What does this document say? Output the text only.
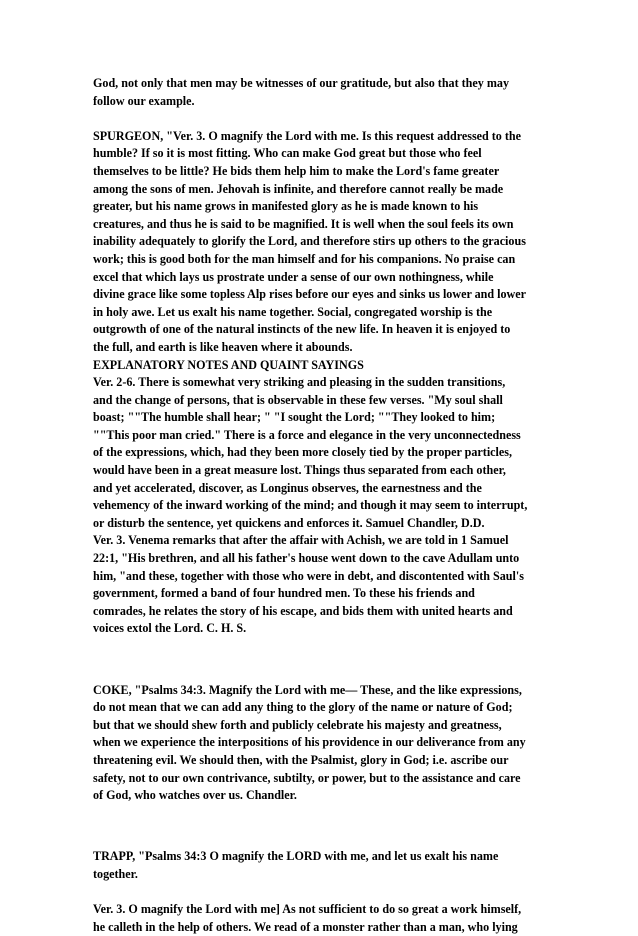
God, not only that men may be witnesses of our gratitude, but also that they may
follow our example.

SPURGEON, "Ver. 3. O magnify the Lord with me. Is this request addressed to the
humble? If so it is most fitting. Who can make God great but those who feel
themselves to be little? He bids them help him to make the Lord's fame greater
among the sons of men. Jehovah is infinite, and therefore cannot really be made
greater, but his name grows in manifested glory as he is made known to his
creatures, and thus he is said to be magnified. It is well when the soul feels its own
inability adequately to glorify the Lord, and therefore stirs up others to the gracious
work; this is good both for the man himself and for his companions. No praise can
excel that which lays us prostrate under a sense of our own nothingness, while
divine grace like some topless Alp rises before our eyes and sinks us lower and lower
in holy awe. Let us exalt his name together. Social, congregated worship is the
outgrowth of one of the natural instincts of the new life. In heaven it is enjoyed to
the full, and earth is like heaven where it abounds.
EXPLANATORY NOTES AND QUAINT SAYINGS
Ver. 2-6. There is somewhat very striking and pleasing in the sudden transitions,
and the change of persons, that is observable in these few verses. "My soul shall
boast; ""The humble shall hear; " "I sought the Lord; ""They looked to him;
""This poor man cried." There is a force and elegance in the very unconnectedness
of the expressions, which, had they been more closely tied by the proper particles,
would have been in a great measure lost. Things thus separated from each other,
and yet accelerated, discover, as Longinus observes, the earnestness and the
vehemency of the inward working of the mind; and though it may seem to interrupt,
or disturb the sentence, yet quickens and enforces it. Samuel Chandler, D.D.
Ver. 3. Venema remarks that after the affair with Achish, we are told in 1 Samuel
22:1, "His brethren, and all his father's house went down to the cave Adullam unto
him, "and these, together with those who were in debt, and discontented with Saul's
government, formed a band of four hundred men. To these his friends and
comrades, he relates the story of his escape, and bids them with united hearts and
voices extol the Lord. C. H. S.

COKE, "Psalms 34:3. Magnify the Lord with me— These, and the like expressions,
do not mean that we can add any thing to the glory of the name or nature of God;
but that we should shew forth and publicly celebrate his majesty and greatness,
when we experience the interpositions of his providence in our deliverance from any
threatening evil. We should then, with the Psalmist, glory in God; i.e. ascribe our
safety, not to our own contrivance, subtilty, or power, but to the assistance and care
of God, who watches over us. Chandler.

TRAPP, "Psalms 34:3 O magnify the LORD with me, and let us exalt his name
together.

Ver. 3. O magnify the Lord with me] As not sufficient to do so great a work himself,
he calleth in the help of others. We read of a monster rather than a man, who lying
